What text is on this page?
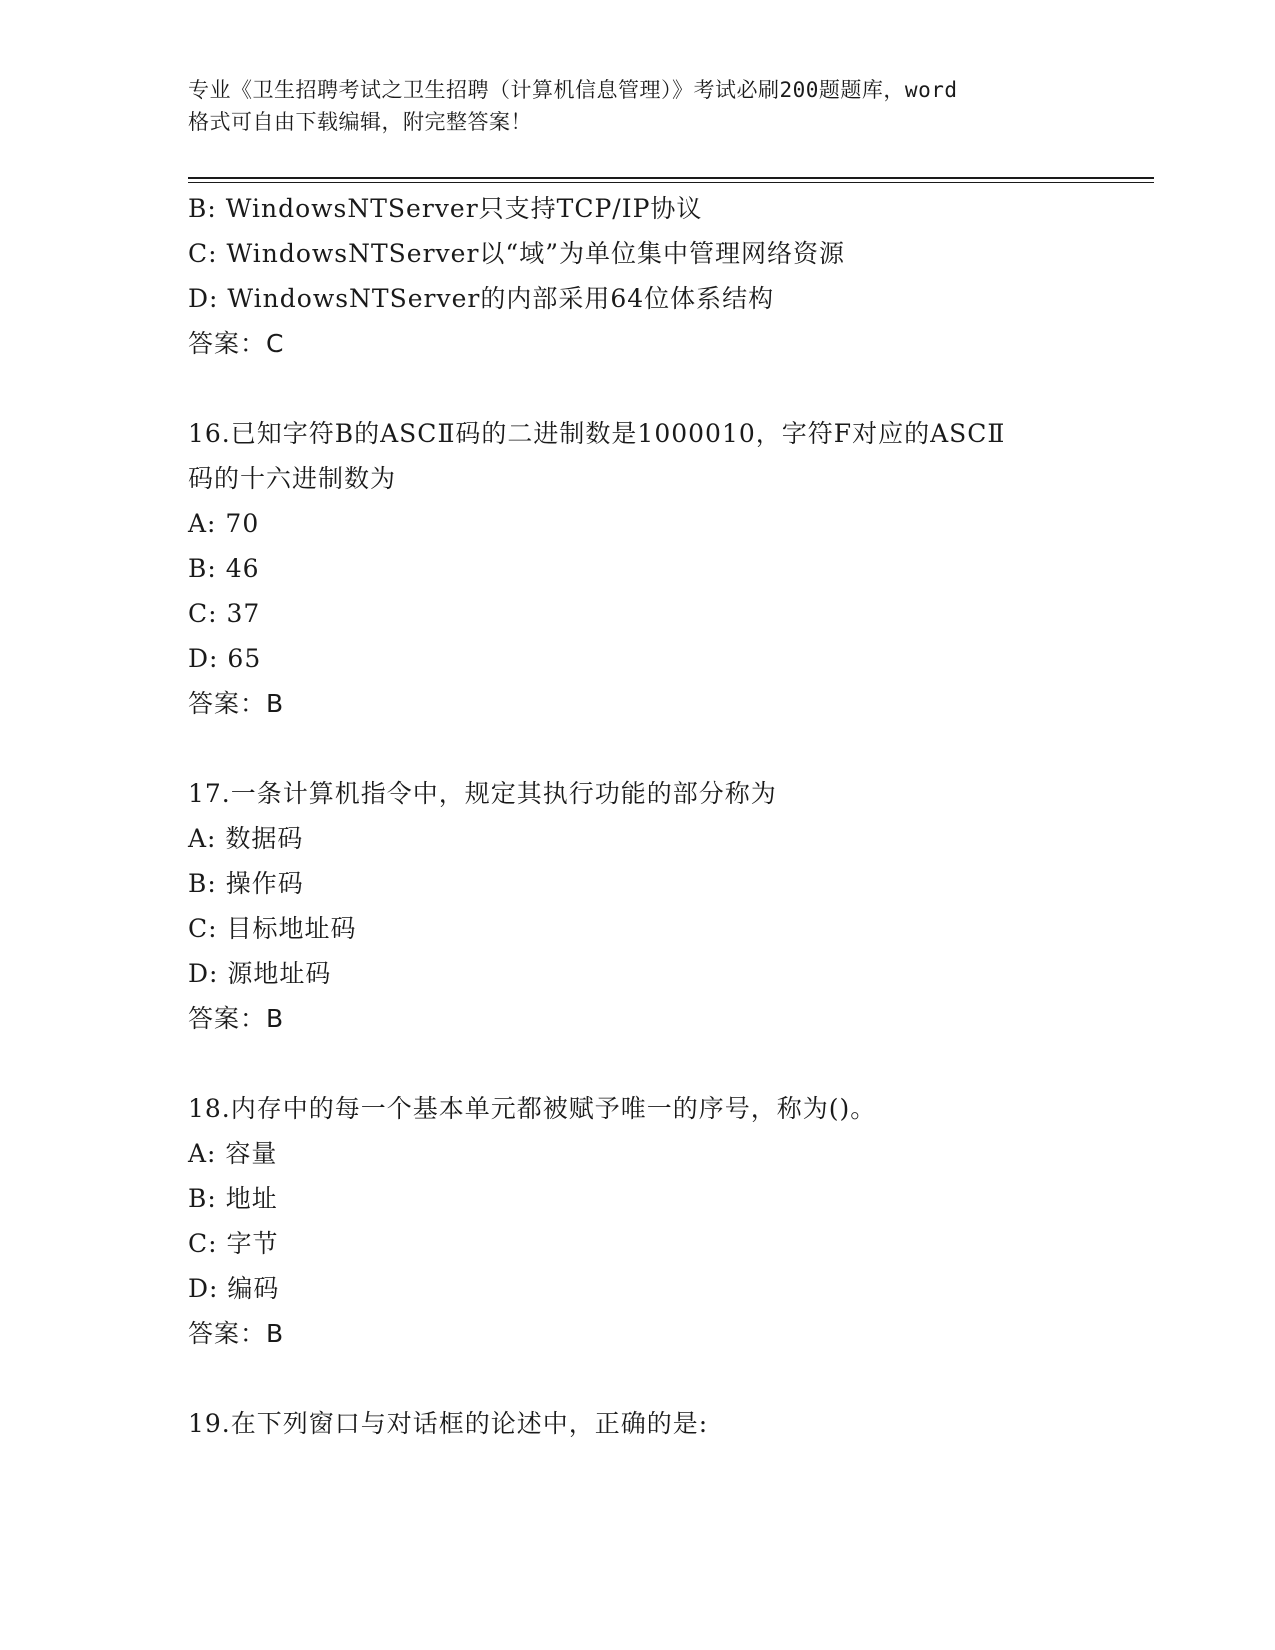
专业《卫生招聘考试之卫生招聘（计算机信息管理）》考试必刷200题题库，word
格式可自由下载编辑，附完整答案！
B: WindowsNTServer只支持TCP/IP协议
C: WindowsNTServer以“域”为单位集中管理网络资源
D: WindowsNTServer的内部采用64位体系结构
答案：C
16.已知字符B的ASCⅡ码的二进制数是1000010，字符F对应的ASCⅡ
码的十六进制数为
A: 70
B: 46
C: 37
D: 65
答案：B
17.一条计算机指令中，规定其执行功能的部分称为
A: 数据码
B: 操作码
C: 目标地址码
D: 源地址码
答案：B
18.内存中的每一个基本单元都被赋予唯一的序号，称为()。
A: 容量
B: 地址
C: 字节
D: 编码
答案：B
19.在下列窗口与对话框的论述中，正确的是:
